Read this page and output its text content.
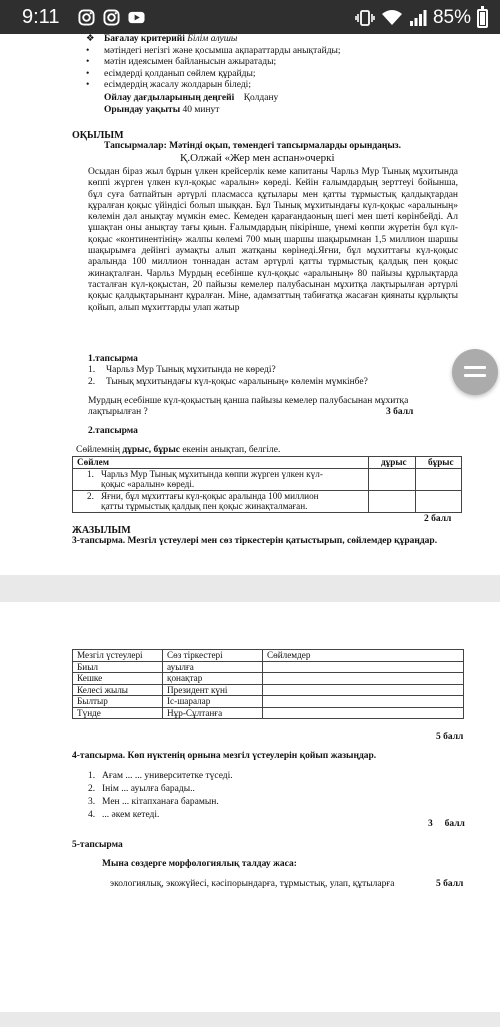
9:11	85%
❖ Бағалау критерийі Білім алушы
• мәтіндегі негізгі және қосымша ақпараттарды анықтайды;
• мәтін идеясымен байланысын ажыратады;
• есімдерді қолданып сөйлем құрайды;
• есімдердің жасалу жолдарын біледі;
Ойлау дағдыларының деңгейі Қолдану
Орындау уақыты 40 минут
ОҚЫЛЫМ
Тапсырмалар: Мәтінді оқып, төмендегі тапсырмаларды орындаңыз.
Қ.Олжай «Жер мен аспан»очеркі

Осыдан біраз жыл бұрын үлкен крейсерлік кеме капитаны Чарльз Мур Тынық мұхитында көппі жүрген үлкен күл-қоқыс «аралын» көреді. Кейін ғалымдардың зерттеуі бойынша, бұл суға батпайтын әртүрлі пласмасса құтылары мен қатты тұрмыстық қалдықтардан құралған қоқыс үйіндісі болып шыққан. Бұл Тынық мұхитындағы күл-қоқыс «аралының» көлемін дәл анықтау мүмкін емес. Кемеден қарағандаоның шегі мен шеті көрінбейді. Ал ұшақтан оны анықтау тағы қиын. Ғалымдардың пікірінше, үнемі көппи жүретін бұл күл-қоқыс «континентінің» жалпы көлемі 700 мың шаршы шақырымнан 1,5 миллион шаршы шақырымға дейінгі аумақты алып жатқаны көрінеді.Яғни, бұл мұхиттағы күл-қоқыс аралында 100 миллион тоннадан астам әртүрлі қатты тұрмыстық қалдық пен қоқыс жинақталған. Чарльз Мурдың есебінше күл-қоқыс «аралының» 80 пайызы құрлықтарда тасталған күл-қоқыстан, 20 пайызы кемелер палубасынан мұхитқа лақтырылған әртүрлі қоқыс қалдықтарынант құралған. Міне, адамзаттың табиғатқа жасаған қиянаты құрлықты қойып, алып мұхиттарды улап жатыр

1.тапсырма
1. Чарльз Мур Тынық мұхитында не көреді?
2. Тынық мұхитындағы күл-қоқыс «аралының» көлемін мүмкінбе?
Мурдың есебінше күл-қоқыстың қанша пайызы кемелер палубасынан мұхитқа
лақтырылған ?	3 балл
2.тапсырма
Сөйлемнің дұрыс, бұрыс екенін анықтап, белгіле.
Сөйлем	дұрыс	бұрыс
1. Чарльз Мур Тынық мұхитында көппи жүрген үлкен күл-
қоқыс «аралын» көреді.		
2. Яғни, бұл мұхиттағы күл-қоқыс аралында 100 миллион
қатты тұрмыстық қалдық пен қоқыс жинақталмаған.		
2 балл
ЖАЗЫЛЫМ
3-тапсырма. Мезгіл үстеулері мен сөз тіркестерін қатыстырып, сөйлемдер құраңдар.
Мезгіл үстеулері	Сөз тіркестері	Сөйлемдер
Биыл	ауылға	
Кешке	қонақтар	
Келесі жылы	Президент күні	
Былтыр	Іс-шаралар	
Түнде	Нұр-Сұлтанға	
5 балл
4-тапсырма. Көп нүктенің орнына мезгіл үстеулерін қойып жазыңдар.
1. Ағам ... ... университетке түседі.
2. Інім ... ауылға барады..
3. Мен ... кітапханаға барамын.
4. ... әкем кетеді.
3 балл
5-тапсырма
Мына сөздерге морфологиялық талдау жаса:
экологиялық, экожүйесі, кәсіпорындарға, тұрмыстық, улап, құтыларға	5 балл
